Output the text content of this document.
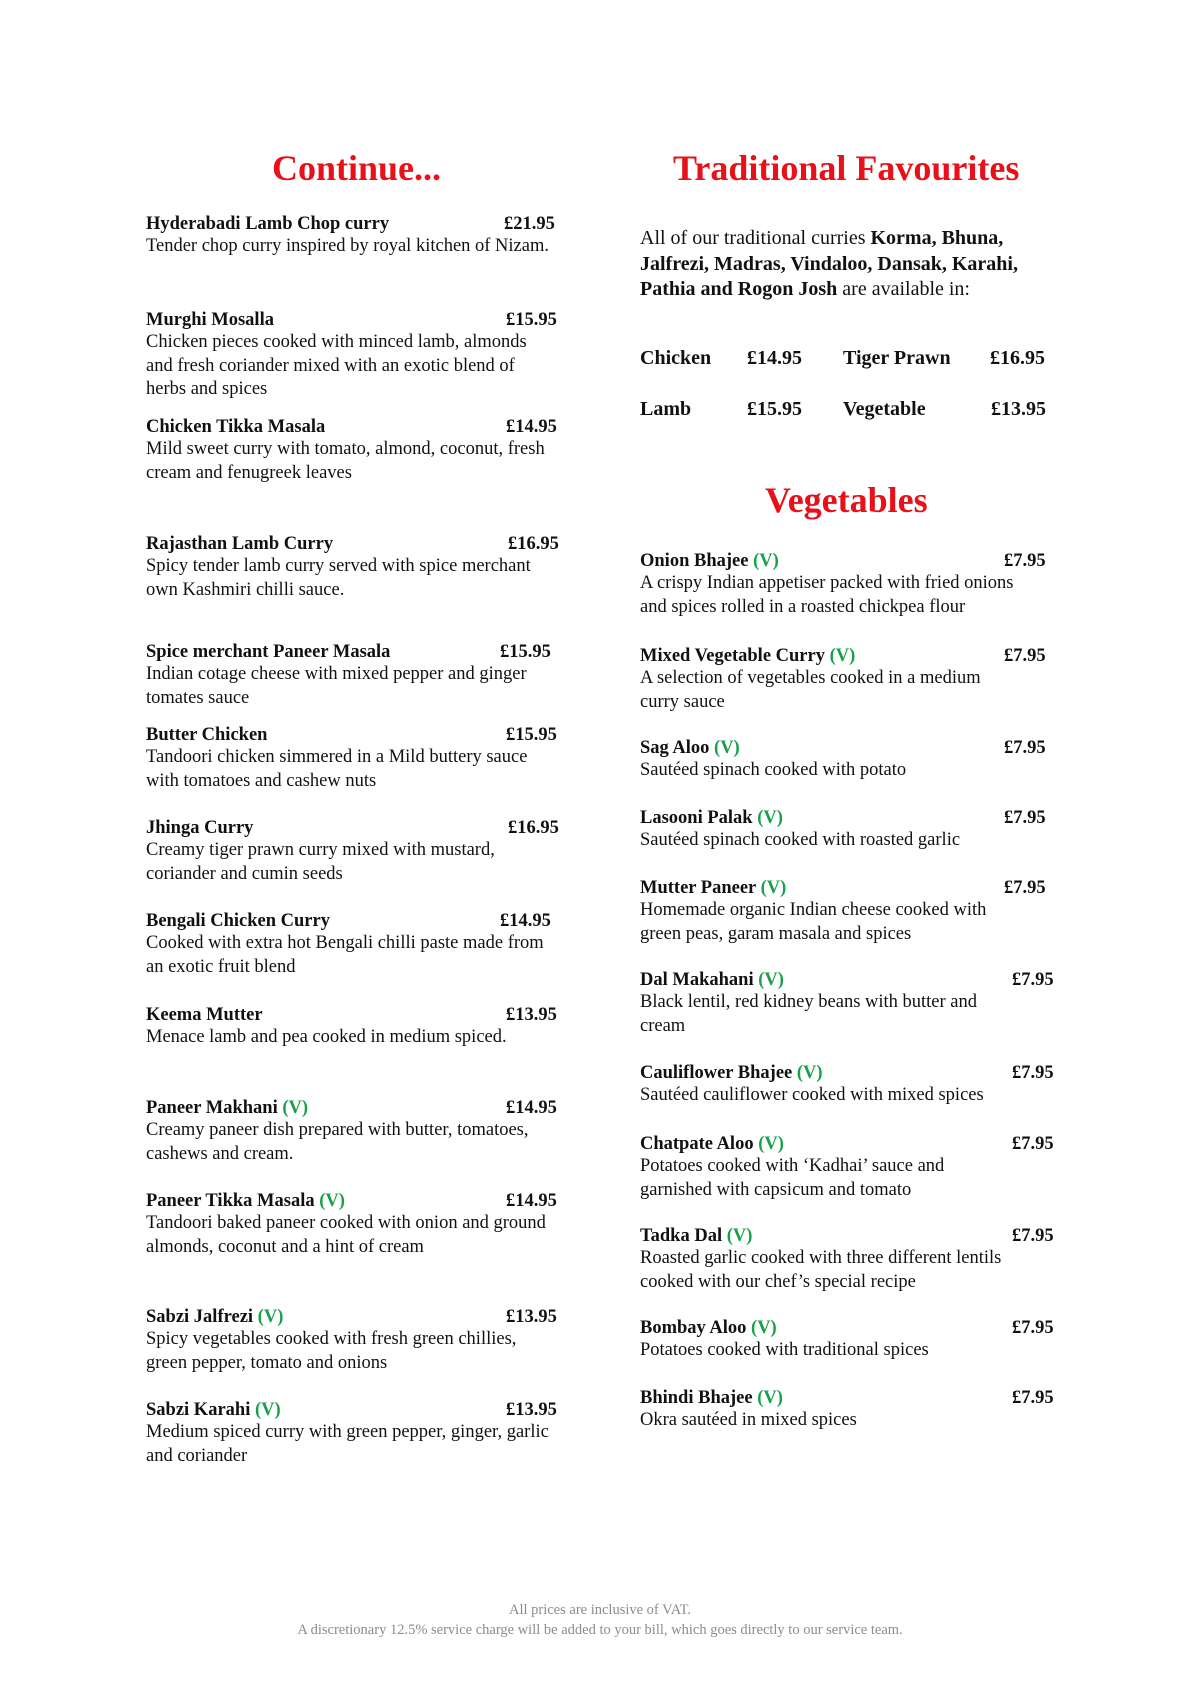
Continue...
Hyderabadi Lamb Chop curry	£21.95
Tender chop curry inspired by royal kitchen of Nizam.
Murghi Mosalla	£15.95
Chicken pieces cooked with minced lamb, almonds and fresh coriander mixed with an exotic blend of herbs and spices
Chicken Tikka Masala	£14.95
Mild sweet curry with tomato, almond, coconut, fresh cream and fenugreek leaves
Rajasthan Lamb Curry	£16.95
Spicy tender lamb curry served with spice merchant own Kashmiri chilli sauce.
Spice merchant Paneer Masala	£15.95
Indian cotage cheese with mixed pepper and ginger tomates sauce
Butter Chicken	£15.95
Tandoori chicken simmered in a Mild buttery sauce with tomatoes and cashew nuts
Jhinga Curry	£16.95
Creamy tiger prawn curry mixed with mustard, coriander and cumin seeds
Bengali Chicken Curry	£14.95
Cooked with extra hot Bengali chilli paste made from an exotic fruit blend
Keema Mutter	£13.95
Menace lamb and pea cooked in medium spiced.
Paneer Makhani (V)	£14.95
Creamy paneer dish prepared with butter, tomatoes, cashews and cream.
Paneer Tikka Masala (V)	£14.95
Tandoori baked paneer cooked with onion and ground almonds, coconut and a hint of cream
Sabzi Jalfrezi (V)	£13.95
Spicy vegetables cooked with fresh green chillies, green pepper, tomato and onions
Sabzi Karahi (V)	£13.95
Medium spiced curry with green pepper, ginger, garlic and coriander
Traditional Favourites
All of our traditional curries Korma, Bhuna, Jalfrezi, Madras, Vindaloo, Dansak, Karahi, Pathia and Rogon Josh are available in:
Chicken £14.95 Tiger Prawn £16.95
Lamb	£15.95 Vegetable	£13.95
Vegetables
Onion Bhajee (V)	£7.95
A crispy Indian appetiser packed with fried onions and spices rolled in a roasted chickpea flour
Mixed Vegetable Curry (V)	£7.95
A selection of vegetables cooked in a medium curry sauce
Sag Aloo (V)	£7.95
Sautéed spinach cooked with potato
Lasooni Palak (V)	£7.95
Sautéed spinach cooked with roasted garlic
Mutter Paneer (V)	£7.95
Homemade organic Indian cheese cooked with green peas, garam masala and spices
Dal Makahani (V)	£7.95
Black lentil, red kidney beans with butter and cream
Cauliflower Bhajee (V)	£7.95
Sautéed cauliflower cooked with mixed spices
Chatpate Aloo (V)	£7.95
Potatoes cooked with ‘Kadhai’ sauce and garnished with capsicum and tomato
Tadka Dal (V)	£7.95
Roasted garlic cooked with three different lentils cooked with our chef’s special recipe
Bombay Aloo (V)	£7.95
Potatoes cooked with traditional spices
Bhindi Bhajee (V)	£7.95
Okra sautéed in mixed spices
All prices are inclusive of VAT.
A discretionary 12.5% service charge will be added to your bill, which goes directly to our service team.
